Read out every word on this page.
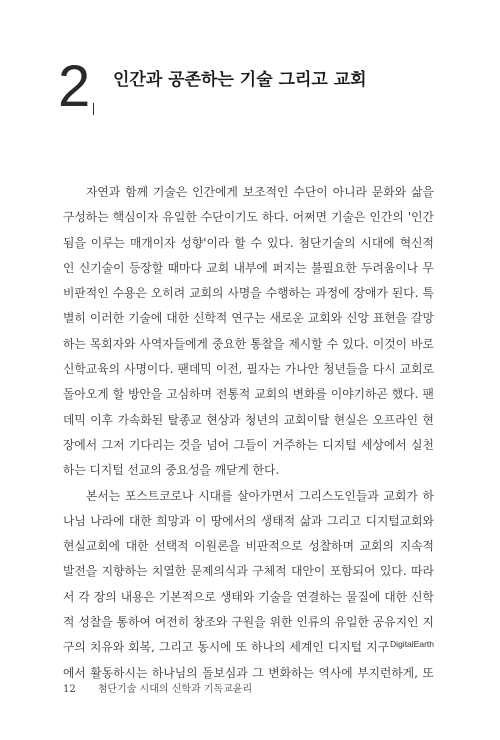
2 인간과 공존하는 기술 그리고 교회
자연과 함께 기술은 인간에게 보조적인 수단이 아니라 문화와 삶을
구성하는 핵심이자 유일한 수단이기도 하다. 어쩌면 기술은 인간의 '인간
됨을 이루는 매개이자 성향'이라 할 수 있다. 첨단기술의 시대에 혁신적
인 신기술이 등장할 때마다 교회 내부에 퍼지는 불필요한 두려움이나 무
비판적인 수용은 오히려 교회의 사명을 수행하는 과정에 장애가 된다. 특
별히 이러한 기술에 대한 신학적 연구는 새로운 교회와 신앙 표현을 갈망
하는 목회자와 사역자들에게 중요한 통찰을 제시할 수 있다. 이것이 바로
신학교육의 사명이다. 팬데믹 이전, 필자는 가나안 청년들을 다시 교회로
돌아오게 할 방안을 고심하며 전통적 교회의 변화를 이야기하곤 했다. 팬
데믹 이후 가속화된 탈종교 현상과 청년의 교회이탈 현실은 오프라인 현
장에서 그저 기다리는 것을 넘어 그들이 거주하는 디지털 세상에서 실천
하는 디지털 선교의 중요성을 깨닫게 한다.
본서는 포스트코로나 시대를 살아가면서 그리스도인들과 교회가 하
나님 나라에 대한 희망과 이 땅에서의 생태적 삶과 그리고 디지털교회와
현실교회에 대한 선택적 이원론을 비판적으로 성찰하며 교회의 지속적
발전을 지향하는 치열한 문제의식과 구체적 대안이 포함되어 있다. 따라
서 각 장의 내용은 기본적으로 생태와 기술을 연결하는 물질에 대한 신학
적 성찰을 통하여 여전히 창조와 구원을 위한 인류의 유일한 공유지인 지
구의 치유와 회복, 그리고 동시에 또 하나의 세계인 디지털 지구 DigitalEarth
에서 활동하시는 하나님의 돌보심과 그 변화하는 역사에 부지런하게, 또
12 첨단기술 시대의 신학과 기독교윤리
